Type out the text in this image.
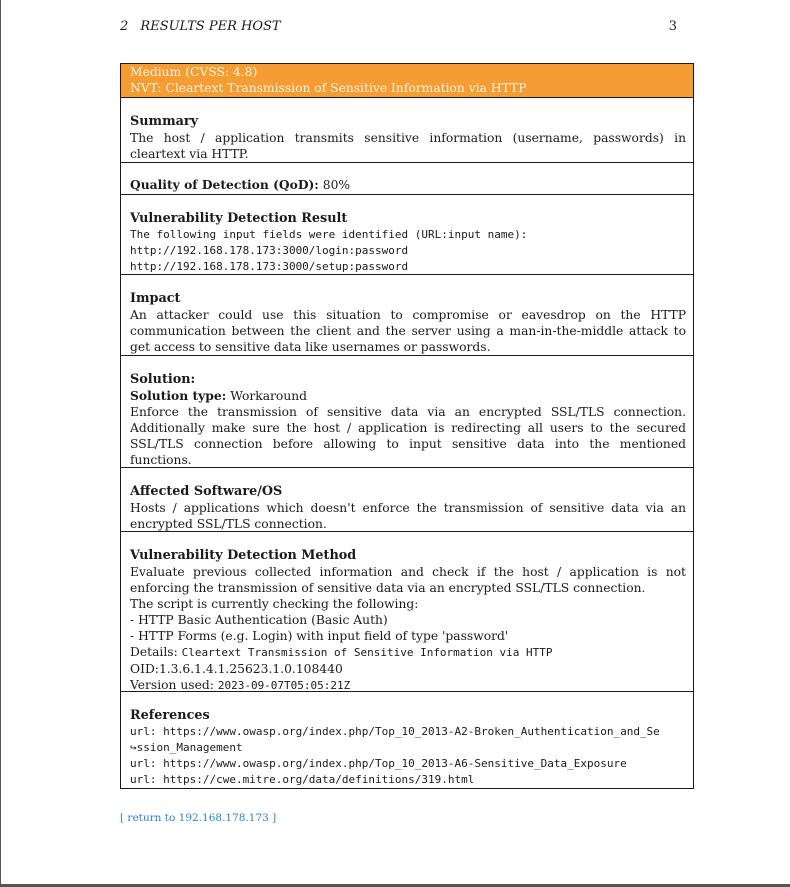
2 RESULTS PER HOST	3
Medium (CVSS: 4.8)
NVT: Cleartext Transmission of Sensitive Information via HTTP
Summary
The host / application transmits sensitive information (username, passwords) in cleartext via HTTP.
Quality of Detection (QoD): 80%
Vulnerability Detection Result
The following input fields were identified (URL:input name):
http://192.168.178.173:3000/login:password
http://192.168.178.173:3000/setup:password
Impact
An attacker could use this situation to compromise or eavesdrop on the HTTP communication between the client and the server using a man-in-the-middle attack to get access to sensitive data like usernames or passwords.
Solution:
Solution type: Workaround
Enforce the transmission of sensitive data via an encrypted SSL/TLS connection. Additionally make sure the host / application is redirecting all users to the secured SSL/TLS connection before allowing to input sensitive data into the mentioned functions.
Affected Software/OS
Hosts / applications which doesn't enforce the transmission of sensitive data via an encrypted SSL/TLS connection.
Vulnerability Detection Method
Evaluate previous collected information and check if the host / application is not enforcing the transmission of sensitive data via an encrypted SSL/TLS connection.
The script is currently checking the following:
- HTTP Basic Authentication (Basic Auth)
- HTTP Forms (e.g. Login) with input field of type 'password'
Details: Cleartext Transmission of Sensitive Information via HTTP
OID:1.3.6.1.4.1.25623.1.0.108440
Version used: 2023-09-07T05:05:21Z
References
url: https://www.owasp.org/index.php/Top_10_2013-A2-Broken_Authentication_and_Se
↪ssion_Management
url: https://www.owasp.org/index.php/Top_10_2013-A6-Sensitive_Data_Exposure
url: https://cwe.mitre.org/data/definitions/319.html
[ return to 192.168.178.173 ]
